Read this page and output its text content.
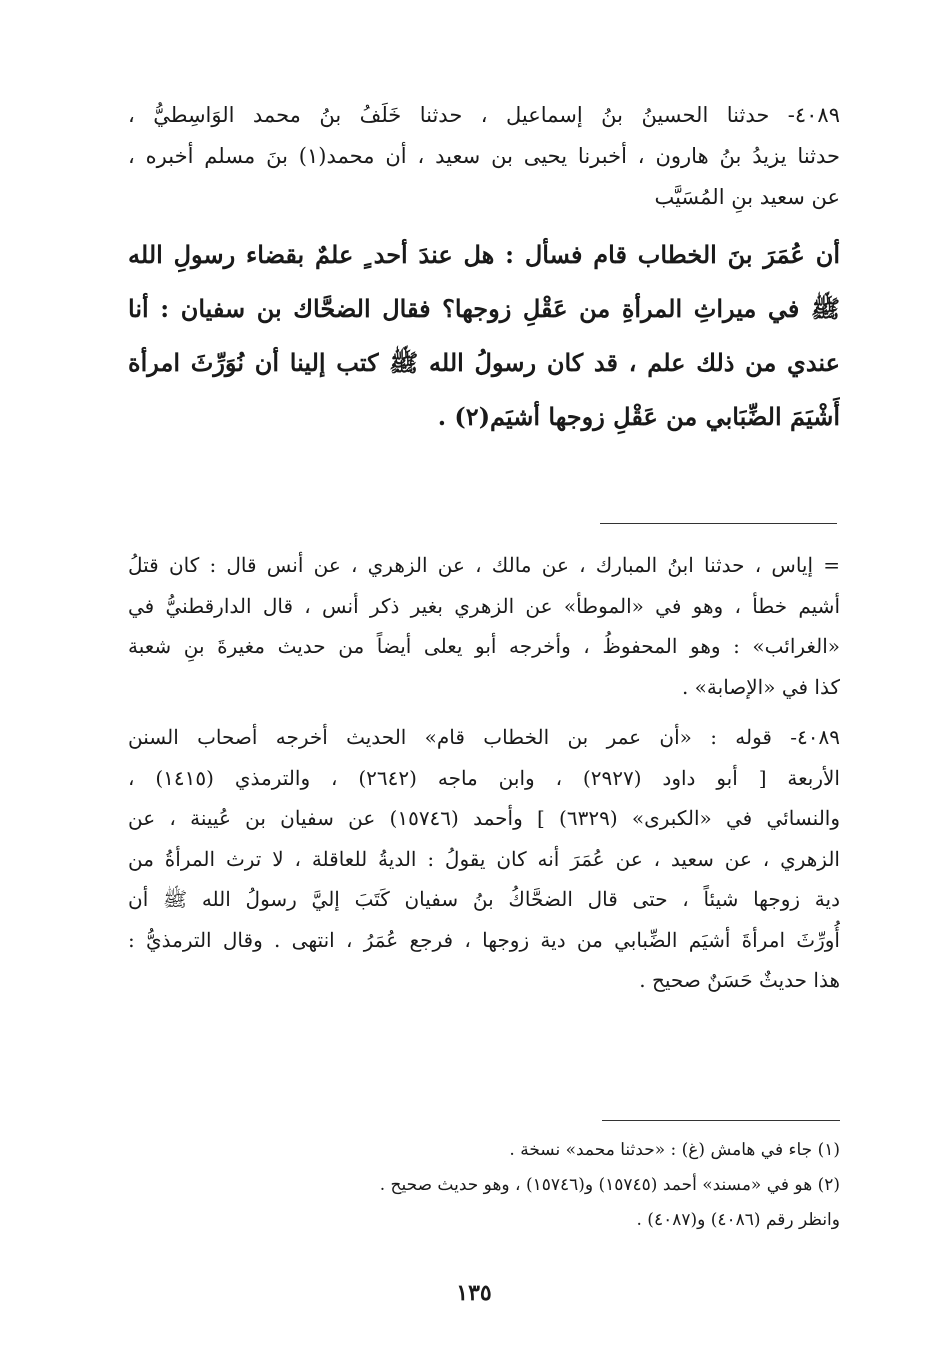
٤٠٨٩- حدثنا الحسينُ بنُ إسماعيل ، حدثنا خَلَفُ بنُ محمد الوَاسِطيُّ ،
حدثنا يزيدُ بنُ هارون ، أخبرنا يحيى بن سعيد ، أن محمد(١) بنَ مسلم أخبره ،
عن سعيد بنِ المُسَيَّب
أن عُمَرَ بنَ الخطاب قام فسأل : هل عندَ أحد ٍ علمٌ بقضاء رسولِ الله
ﷺ في ميراثِ المرأةِ من عَقْلِ زوجها؟ فقال الضحَّاك بن سفيان : أنا
عندي من ذلك علم ، قد كان رسولُ الله ﷺ كتب إلينا أن نُوَرِّثَ امرأة
أَشْيَمَ الضِّبَابي من عَقْلِ زوجها أشيَم(٢) .
= إياس ، حدثنا ابنُ المبارك ، عن مالك ، عن الزهري ، عن أنس قال : كان قتلُ
أشيم خطأ ، وهو في «الموطأ» عن الزهري بغير ذكر أنس ، قال الدارقطنيُّ في
«الغرائب» : وهو المحفوظُ ، وأخرجه أبو يعلى أيضاً من حديث مغيرةَ بنِ شعبة
كذا في «الإصابة» .
٤٠٨٩- قوله : «أن عمر بن الخطاب قام» الحديث أخرجه أصحاب السنن
الأربعة [ أبو داود (٢٩٢٧) ، وابن ماجه (٢٦٤٢) ، والترمذي (١٤١٥) ،
والنسائي في «الكبرى» (٦٣٢٩) ] وأحمد (١٥٧٤٦) عن سفيان بن عُيينة ، عن
الزهري ، عن سعيد ، عن عُمَرَ أنه كان يقولُ : الديةُ للعاقلة ، لا ترث المرأةُ من
دية زوجها شيئاً ، حتى قال الضحَّاكُ بنُ سفيان كَتَبَ إليَّ رسولُ الله ﷺ أن
أُورِّثَ امرأةَ أشيَم الضِّبابي من دية زوجها ، فرجع عُمَرُ ، انتهى . وقال الترمذيُّ :
هذا حديثٌ حَسَنٌ صحيح .
(١) جاء في هامش (غ) : «حدثنا محمد» نسخة .
(٢) هو في «مسند» أحمد (١٥٧٤٥) و(١٥٧٤٦) ، وهو حديث صحيح .
وانظر رقم (٤٠٨٦) و(٤٠٨٧) .
١٣٥
